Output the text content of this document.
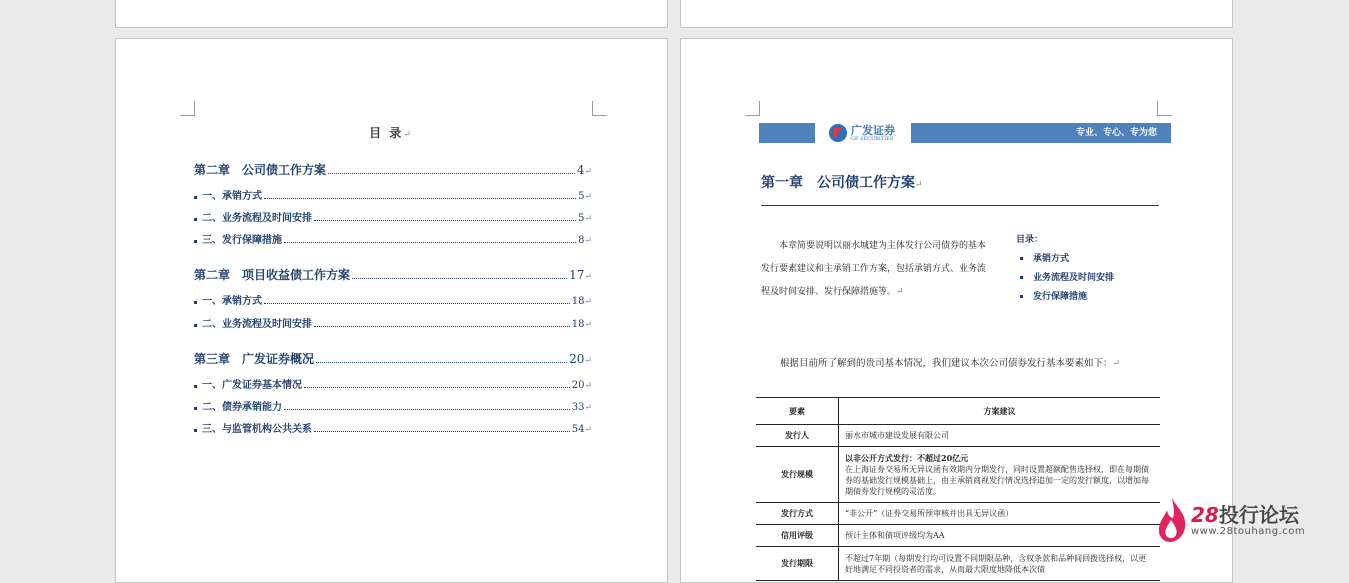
目 录↵
第二章　公司债工作方案	4 ↵
一、承销方式	5 ↵
二、业务流程及时间安排	5 ↵
三、发行保障措施	8 ↵
第二章　项目收益债工作方案	17 ↵
一、承销方式	18 ↵
二、业务流程及时间安排	18 ↵
第三章　广发证券概况	20 ↵
一、广发证券基本情况	20 ↵
二、债券承销能力	33 ↵
三、与监管机构公共关系	54 ↵
广发证券
GF SECURITIES
专业、专心、专为您
第一章　公司债工作方案↵
本章简要说明以丽水城建为主体发行公司债券的基本发行要素建议和主承销工作方案，包括承销方式、业务流程及时间安排、发行保障措施等。↵
目录：
承销方式
业务流程及时间安排
发行保障措施
根据目前所了解到的贵司基本情况，我们建议本次公司债券发行基本要素如下：↵
要素	方案建议
发行人	丽水市城市建设发展有限公司
发行规模	以非公开方式发行：不超过20亿元
在上海证券交易所无异议函有效期内分期发行，同时设置超额配售选择权，即在每期债券的基础发行规模基础上，由主承销商视发行情况选择追加一定的发行额度，以增加每期债券发行规模的灵活度。
发行方式	“非公开”（证券交易所预审核并出具无异议函）
信用评级	预计主体和债项评级均为AA
发行期限	不超过7年期（每期发行均可设置不同期限品种，含权条款和品种间回拨选择权，以更好地满足不同投资者的需求，从而最大限度地降低本次债
28投行论坛
www.28touhang.com
